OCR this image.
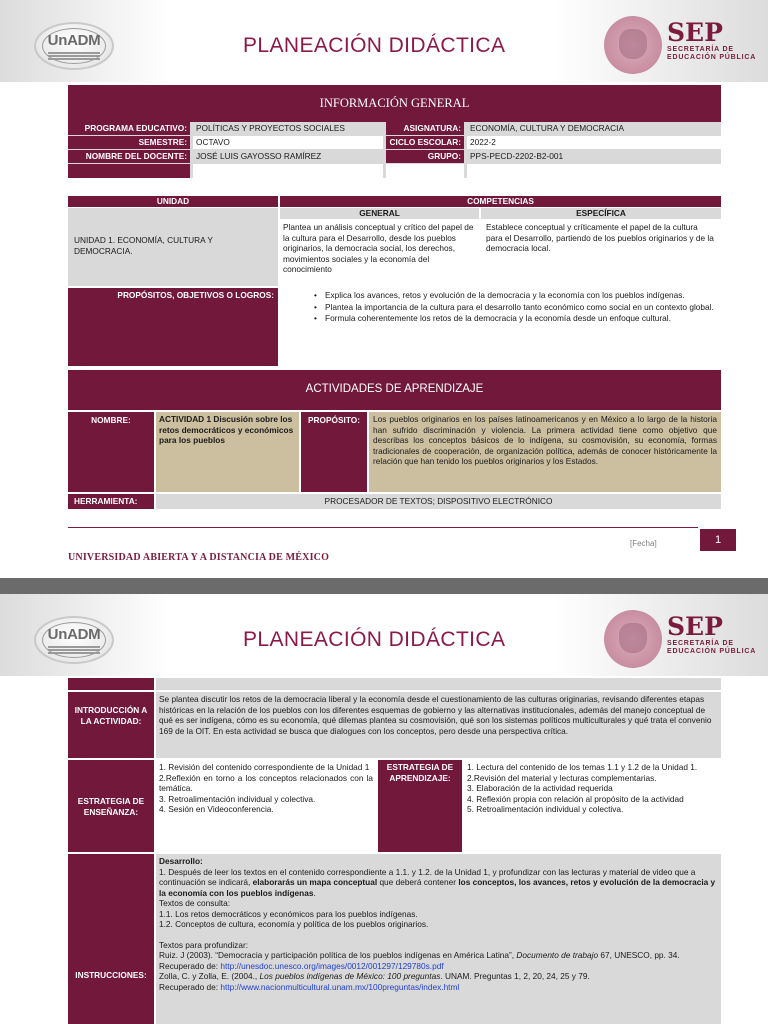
UnADM	PLANEACIÓN DIDÁCTICA	SEP
SECRETARÍA DE
EDUCACIÓN PÚBLICA
INFORMACIÓN GENERAL
PROGRAMA EDUCATIVO:	POLÍTICAS Y PROYECTOS SOCIALES	ASIGNATURA:	ECONOMÍA, CULTURA Y DEMOCRACIA
SEMESTRE:	OCTAVO	CICLO ESCOLAR:	2022-2
NOMBRE DEL DOCENTE:	JOSÉ LUIS GAYOSSO RAMÍREZ	GRUPO:	PPS-PECD-2202-B2-001
UNIDAD	COMPETENCIAS
UNIDAD 1. ECONOMÍA, CULTURA Y DEMOCRACIA.
GENERAL	ESPECÍFICA
Plantea un análisis conceptual y crítico del papel de la cultura para el Desarrollo, desde los pueblos originarios, la democracia social, los derechos, movimientos sociales y la economía del conocimiento
Establece conceptual y críticamente el papel de la cultura para el Desarrollo, partiendo de los pueblos originarios y de la democracia local.
PROPÓSITOS, OBJETIVOS O LOGROS:
•	Explica los avances, retos y evolución de la democracia y la economía con los pueblos indígenas.
• Plantea la importancia de la cultura para el desarrollo tanto económico como social en un contexto global.
• Formula coherentemente los retos de la democracia y la economía desde un enfoque cultural.
ACTIVIDADES DE APRENDIZAJE
NOMBRE:	ACTIVIDAD 1 Discusión sobre los retos democráticos y económicos para los pueblos
PROPÓSITO:	Los pueblos originarios en los países latinoamericanos y en México a lo largo de la historia han sufrido discriminación y violencia. La primera actividad tiene como objetivo que describas los conceptos básicos de lo indígena, su cosmovisión, su economía, formas tradicionales de cooperación, de organización política, además de conocer históricamente la relación que han tenido los pueblos originarios y los Estados.
HERRAMIENTA:	PROCESADOR DE TEXTOS; DISPOSITIVO ELECTRÓNICO
[Fecha]	1
UNIVERSIDAD ABIERTA Y A DISTANCIA DE MÉXICO
UnADM	PLANEACIÓN DIDÁCTICA	SEP
SECRETARÍA DE
EDUCACIÓN PÚBLICA
INTRODUCCIÓN A LA ACTIVIDAD:
Se plantea discutir los retos de la democracia liberal y la economía desde el cuestionamiento de las culturas originarias, revisando diferentes etapas históricas en la relación de los pueblos con los diferentes esquemas de gobierno y las alternativas institucionales, además del manejo conceptual de qué es ser indígena, cómo es su economía, qué dilemas plantea su cosmovisión, qué son los sistemas políticos multiculturales y qué trata el convenio 169 de la OIT. En esta actividad se busca que dialogues con los conceptos, pero desde una perspectiva crítica.
ESTRATEGIA DE ENSEÑANZA:
1. Revisión del contenido correspondiente de la Unidad 1
2.Reflexión en torno a los conceptos relacionados con la temática.
3. Retroalimentación individual y colectiva.
4. Sesión en Videoconferencia.
ESTRATEGIA DE APRENDIZAJE:
1. Lectura del contenido de los temas 1.1 y 1.2 de la Unidad 1.
2.Revisión del material y lecturas complementarias.
3. Elaboración de la actividad requerida
4. Reflexión propia con relación al propósito de la actividad
5. Retroalimentación individual y colectiva.
INSTRUCCIONES:
Desarrollo:
1. Después de leer los textos en el contenido correspondiente a 1.1. y 1.2. de la Unidad 1, y profundizar con las lecturas y material de video que a continuación se indicará, elaborarás un mapa conceptual que deberá contener los conceptos, los avances, retos y evolución de la democracia y la economía con los pueblos indígenas.
Textos de consulta:
1.1. Los retos democráticos y económicos para los pueblos indígenas.
1.2. Conceptos de cultura, economía y política de los pueblos originarios.
Textos para profundizar:
Ruiz. J (2003). “Democracia y participación política de los pueblos indígenas en América Latina”, Documento de trabajo 67, UNESCO, pp. 34. Recuperado de: http://unesdoc.unesco.org/images/0012/001297/129780s.pdf
Zolla, C. y Zolla, E. (2004., Los pueblos indígenas de México: 100 preguntas. UNAM. Preguntas 1, 2, 20, 24, 25 y 79.
Recuperado de: http://www.nacionmulticultural.unam.mx/100preguntas/index.html
